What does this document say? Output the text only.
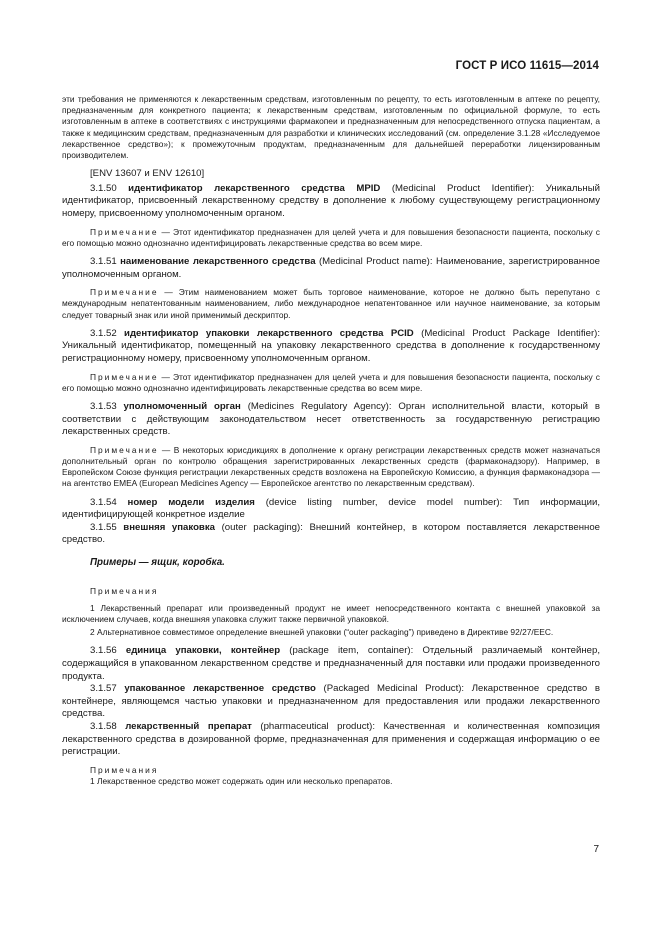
ГОСТ Р ИСО 11615—2014

эти требования не применяются к лекарственным средствам, изготовленным по рецепту, то есть изготовленным в аптеке по рецепту, предназначенным для конкретного пациента; к лекарственным средствам, изготовленным по официальной формуле, то есть изготовленным в аптеке в соответствиях с инструкциями фармакопеи и предназначенным для непосредственного отпуска пациентам, а также к медицинским средствам, предназначенным для разработки и клинических исследований (см. определение 3.1.28 «Исследуемое лекарственное средство»); к промежуточным продуктам, предназначенным для дальнейшей переработки лицензированным производителем.

[ENV 13607 и ENV 12610]

3.1.50 идентификатор лекарственного средства MPID (Medicinal Product Identifier): Уникальный идентификатор, присвоенный лекарственному средству в дополнение к любому существующему регистрационному номеру, присвоенному уполномоченным органом.

Примечание — Этот идентификатор предназначен для целей учета и для повышения безопасности пациента, поскольку с его помощью можно однозначно идентифицировать лекарственные средства во всем мире.

3.1.51 наименование лекарственного средства (Medicinal Product name): Наименование, зарегистрированное уполномоченным органом.

Примечание — Этим наименованием может быть торговое наименование, которое не должно быть перепутано с международным непатентованным наименованием, либо международное непатентованное или научное наименование, за которым следует товарный знак или иной применимый дескриптор.

3.1.52 идентификатор упаковки лекарственного средства PCID (Medicinal Product Package Identifier): Уникальный идентификатор, помещенный на упаковку лекарственного средства в дополнение к государственному регистрационному номеру, присвоенному уполномоченным органом.

Примечание — Этот идентификатор предназначен для целей учета и для повышения безопасности пациента, поскольку с его помощью можно однозначно идентифицировать лекарственные средства во всем мире.

3.1.53 уполномоченный орган (Medicines Regulatory Agency): Орган исполнительной власти, который в соответствии с действующим законодательством несет ответственность за государственную регистрацию лекарственных средств.

Примечание — В некоторых юрисдикциях в дополнение к органу регистрации лекарственных средств может назначаться дополнительный орган по контролю обращения зарегистрированных лекарственных средств (фармаконадзору). Например, в Европейском Союзе функция регистрации лекарственных средств возложена на Европейскую Комиссию, а функция фармаконадзора — на агентство EMEA (European Medicines Agency — Европейское агентство по лекарственным средствам).

3.1.54 номер модели изделия (device listing number, device model number): Тип информации, идентифицирующей конкретное изделие

3.1.55 внешняя упаковка (outer packaging): Внешний контейнер, в котором поставляется лекарственное средство.

Примеры — ящик, коробка.

Примечания

1 Лекарственный препарат или произведенный продукт не имеет непосредственного контакта с внешней упаковкой за исключением случаев, когда внешняя упаковка служит также первичной упаковкой.

2 Альтернативное совместимое определение внешней упаковки (“outer packaging”) приведено в Директиве 92/27/ЕЕС.

3.1.56 единица упаковки, контейнер (package item, container): Отдельный различаемый контейнер, содержащийся в упакованном лекарственном средстве и предназначенный для поставки или продажи произведенного продукта.

3.1.57 упакованное лекарственное средство (Packaged Medicinal Product): Лекарственное средство в контейнере, являющемся частью упаковки и предназначенном для предоставления или продажи лекарственного средства.

3.1.58 лекарственный препарат (pharmaceutical product): Качественная и количественная композиция лекарственного средства в дозированной форме, предназначенная для применения и содержащая информацию о ее регистрации.

Примечания

1 Лекарственное средство может содержать один или несколько препаратов.

7
